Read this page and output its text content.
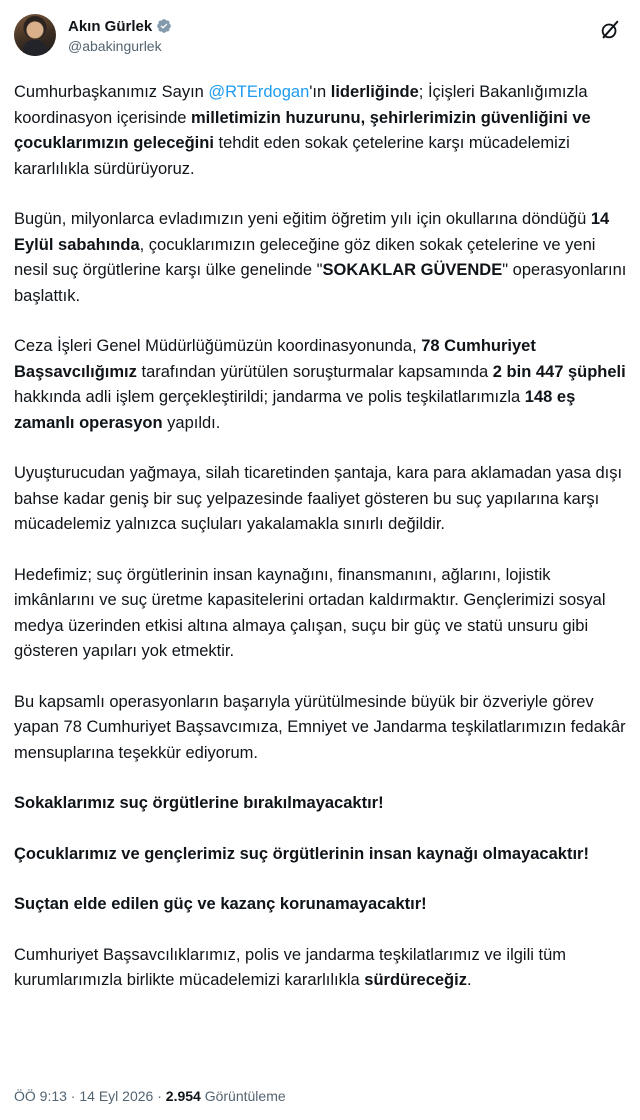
Akın Gürlek
@abakingurlek

Cumhurbaşkanımız Sayın @RTErdogan'ın liderliğinde; İçişleri Bakanlığımızla koordinasyon içerisinde milletimizin huzurunu, şehirlerimizin güvenliğini ve çocuklarımızın geleceğini tehdit eden sokak çetelerine karşı mücadelemizi kararlılıkla sürdürüyoruz.

Bugün, milyonlarca evladımızın yeni eğitim öğretim yılı için okullarına döndüğü 14 Eylül sabahında, çocuklarımızın geleceğine göz diken sokak çetelerine ve yeni nesil suç örgütlerine karşı ülke genelinde "SOKAKLAR GÜVENDE" operasyonlarını başlattık.

Ceza İşleri Genel Müdürlüğümüzün koordinasyonunda, 78 Cumhuriyet Başsavcılığımız tarafından yürütülen soruşturmalar kapsamında 2 bin 447 şüpheli hakkında adli işlem gerçekleştirildi; jandarma ve polis teşkilatlarımızla 148 eş zamanlı operasyon yapıldı.

Uyuşturucudan yağmaya, silah ticaretinden şantaja, kara para aklamadan yasa dışı bahse kadar geniş bir suç yelpazesinde faaliyet gösteren bu suç yapılarına karşı mücadelemiz yalnızca suçluları yakalamakla sınırlı değildir.

Hedefimiz; suç örgütlerinin insan kaynağını, finansmanını, ağlarını, lojistik imkânlarını ve suç üretme kapasitelerini ortadan kaldırmaktır. Gençlerimizi sosyal medya üzerinden etkisi altına almaya çalışan, suçu bir güç ve statü unsuru gibi gösteren yapıları yok etmektir.

Bu kapsamlı operasyonların başarıyla yürütülmesinde büyük bir özveriyle görev yapan 78 Cumhuriyet Başsavcımıza, Emniyet ve Jandarma teşkilatlarımızın fedakâr mensuplarına teşekkür ediyorum.

Sokaklarımız suç örgütlerine bırakılmayacaktır!

Çocuklarımız ve gençlerimiz suç örgütlerinin insan kaynağı olmayacaktır!

Suçtan elde edilen güç ve kazanç korunamayacaktır!

Cumhuriyet Başsavcılıklarımız, polis ve jandarma teşkilatlarımız ve ilgili tüm kurumlarımızla birlikte mücadelemizi kararlılıkla sürdüreceğiz.

ÖÖ 9:13 · 14 Eyl 2026 · 2.954 Görüntüleme
